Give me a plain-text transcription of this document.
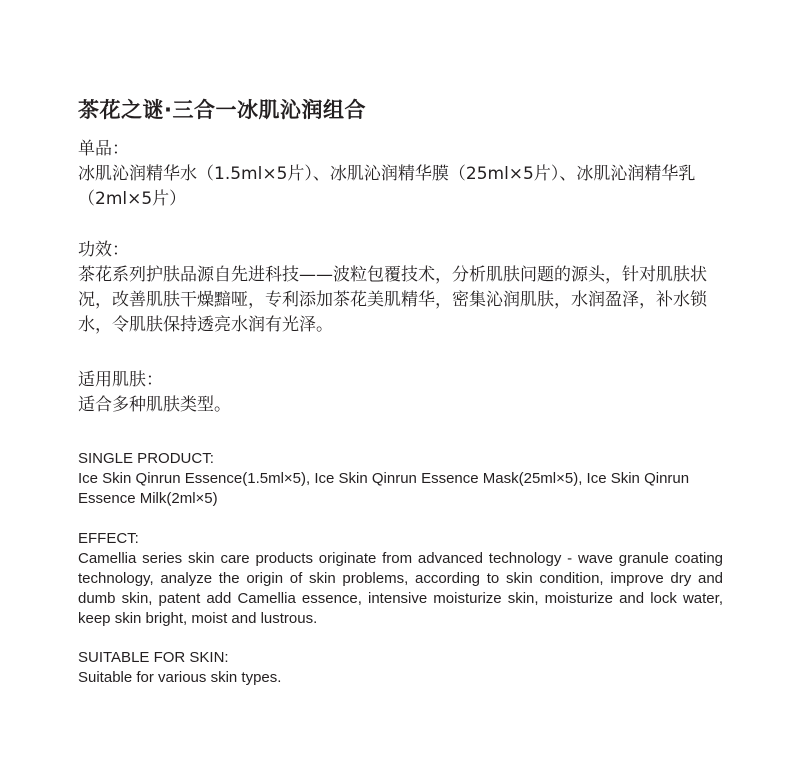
茶花之谜·三合一冰肌沁润组合
单品：
冰肌沁润精华水（1.5ml×5片）、冰肌沁润精华膜（25ml×5片）、冰肌沁润精华乳（2ml×5片）
功效：
茶花系列护肤品源自先进科技——波粒包覆技术，分析肌肤问题的源头，针对肌肤状况，改善肌肤干燥黯哑，专利添加茶花美肌精华，密集沁润肌肤，水润盈泽，补水锁水，令肌肤保持透亮水润有光泽。
适用肌肤：
适合多种肌肤类型。
SINGLE PRODUCT:
Ice Skin Qinrun Essence(1.5ml×5), Ice Skin Qinrun Essence Mask(25ml×5), Ice Skin Qinrun Essence Milk(2ml×5)
EFFECT:
Camellia series skin care products originate from advanced technology - wave granule coating technology, analyze the origin of skin problems, according to skin condition, improve dry and dumb skin, patent add Camellia essence, intensive moisturize skin, moisturize and lock water, keep skin bright, moist and lustrous.
SUITABLE FOR SKIN:
Suitable for various skin types.
